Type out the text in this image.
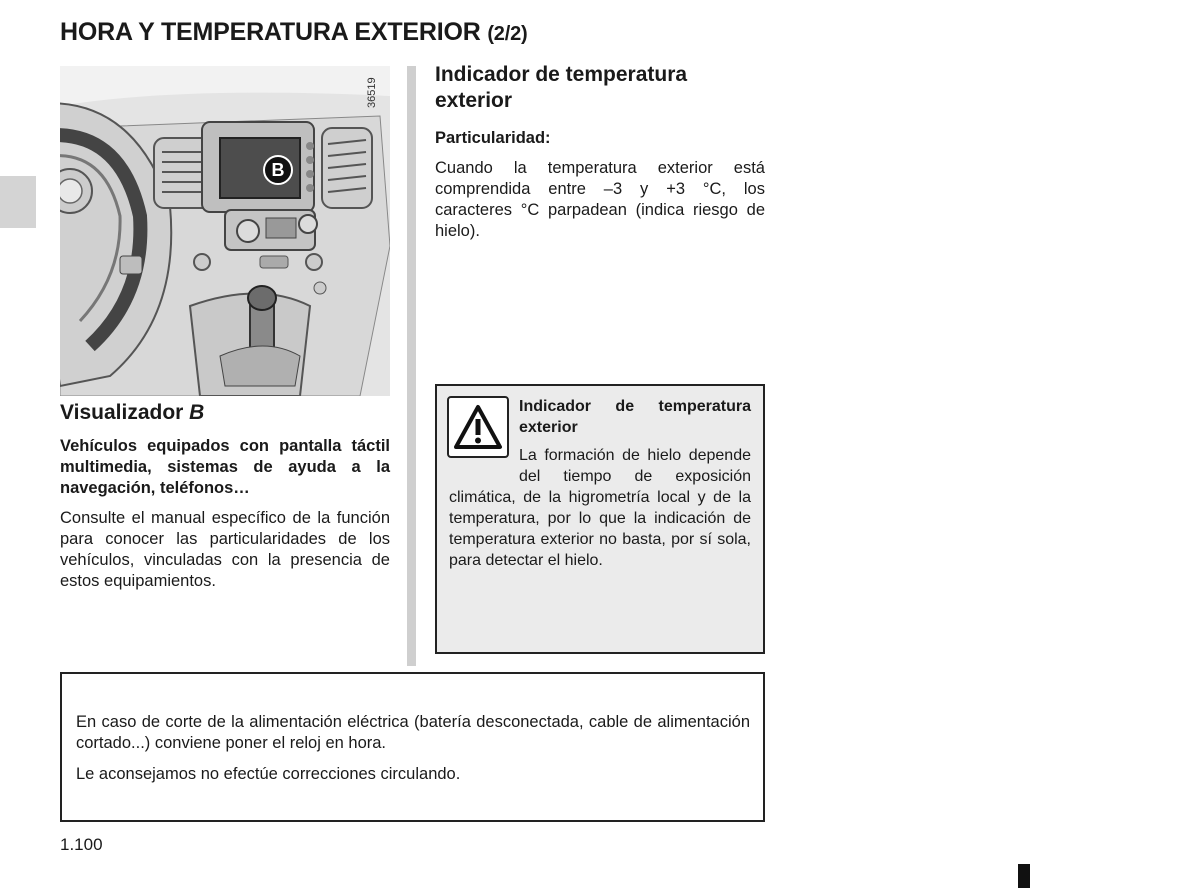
HORA Y TEMPERATURA EXTERIOR (2/2)
B
36519
Visualizador B

Vehículos equipados con pantalla táctil multimedia, sistemas de ayuda a la navegación, teléfonos…

Consulte el manual específico de la función para conocer las particularidades de los vehículos, vinculadas con la presencia de estos equipamientos.

Indicador de temperatura exterior

Particularidad:

Cuando la temperatura exterior está comprendida entre –3 y +3 °C, los caracteres °C parpadean (indica riesgo de hielo).

Indicador de temperatura exterior

La formación de hielo depende del tiempo de exposición climática, de la higrometría local y de la temperatura, por lo que la indicación de temperatura exterior no basta, por sí sola, para detectar el hielo.

En caso de corte de la alimentación eléctrica (batería desconectada, cable de alimentación cortado...) conviene poner el reloj en hora.

Le aconsejamos no efectúe correcciones circulando.

1.100
